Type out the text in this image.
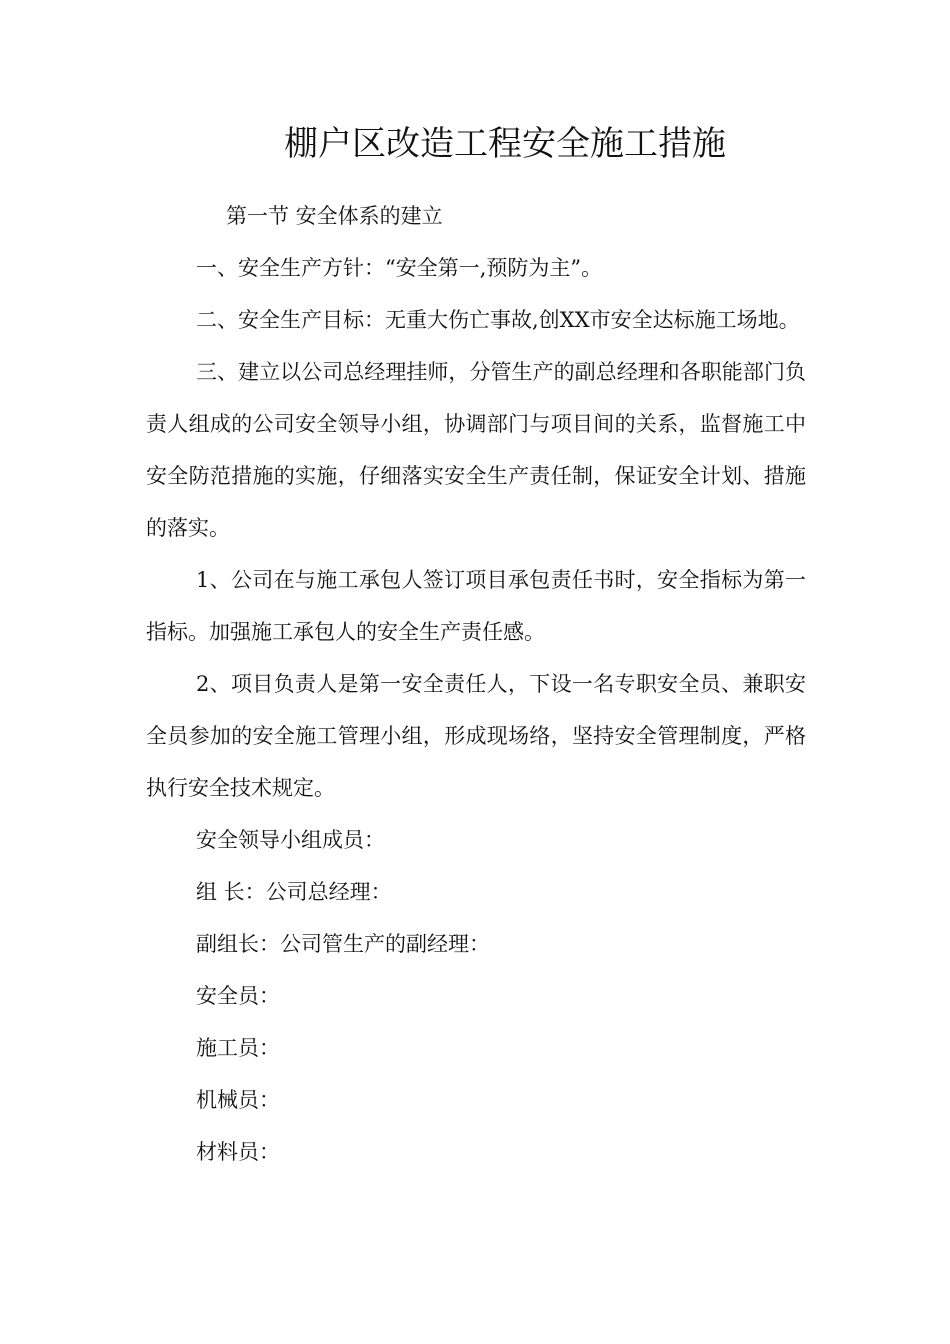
棚户区改造工程安全施工措施

第一节 安全体系的建立

一、安全生产方针：“安全第一,预防为主”。

二、安全生产目标：无重大伤亡事故,创XX市安全达标施工场地。

三、建立以公司总经理挂师，分管生产的副总经理和各职能部门负责人组成的公司安全领导小组，协调部门与项目间的关系，监督施工中安全防范措施的实施，仔细落实安全生产责任制，保证安全计划、措施的落实。

1、公司在与施工承包人签订项目承包责任书时，安全指标为第一指标。加强施工承包人的安全生产责任感。

2、项目负责人是第一安全责任人，下设一名专职安全员、兼职安全员参加的安全施工管理小组，形成现场络，坚持安全管理制度，严格执行安全技术规定。

安全领导小组成员：

组 长：公司总经理：

副组长：公司管生产的副经理：

安全员：

施工员：

机械员：

材料员：
